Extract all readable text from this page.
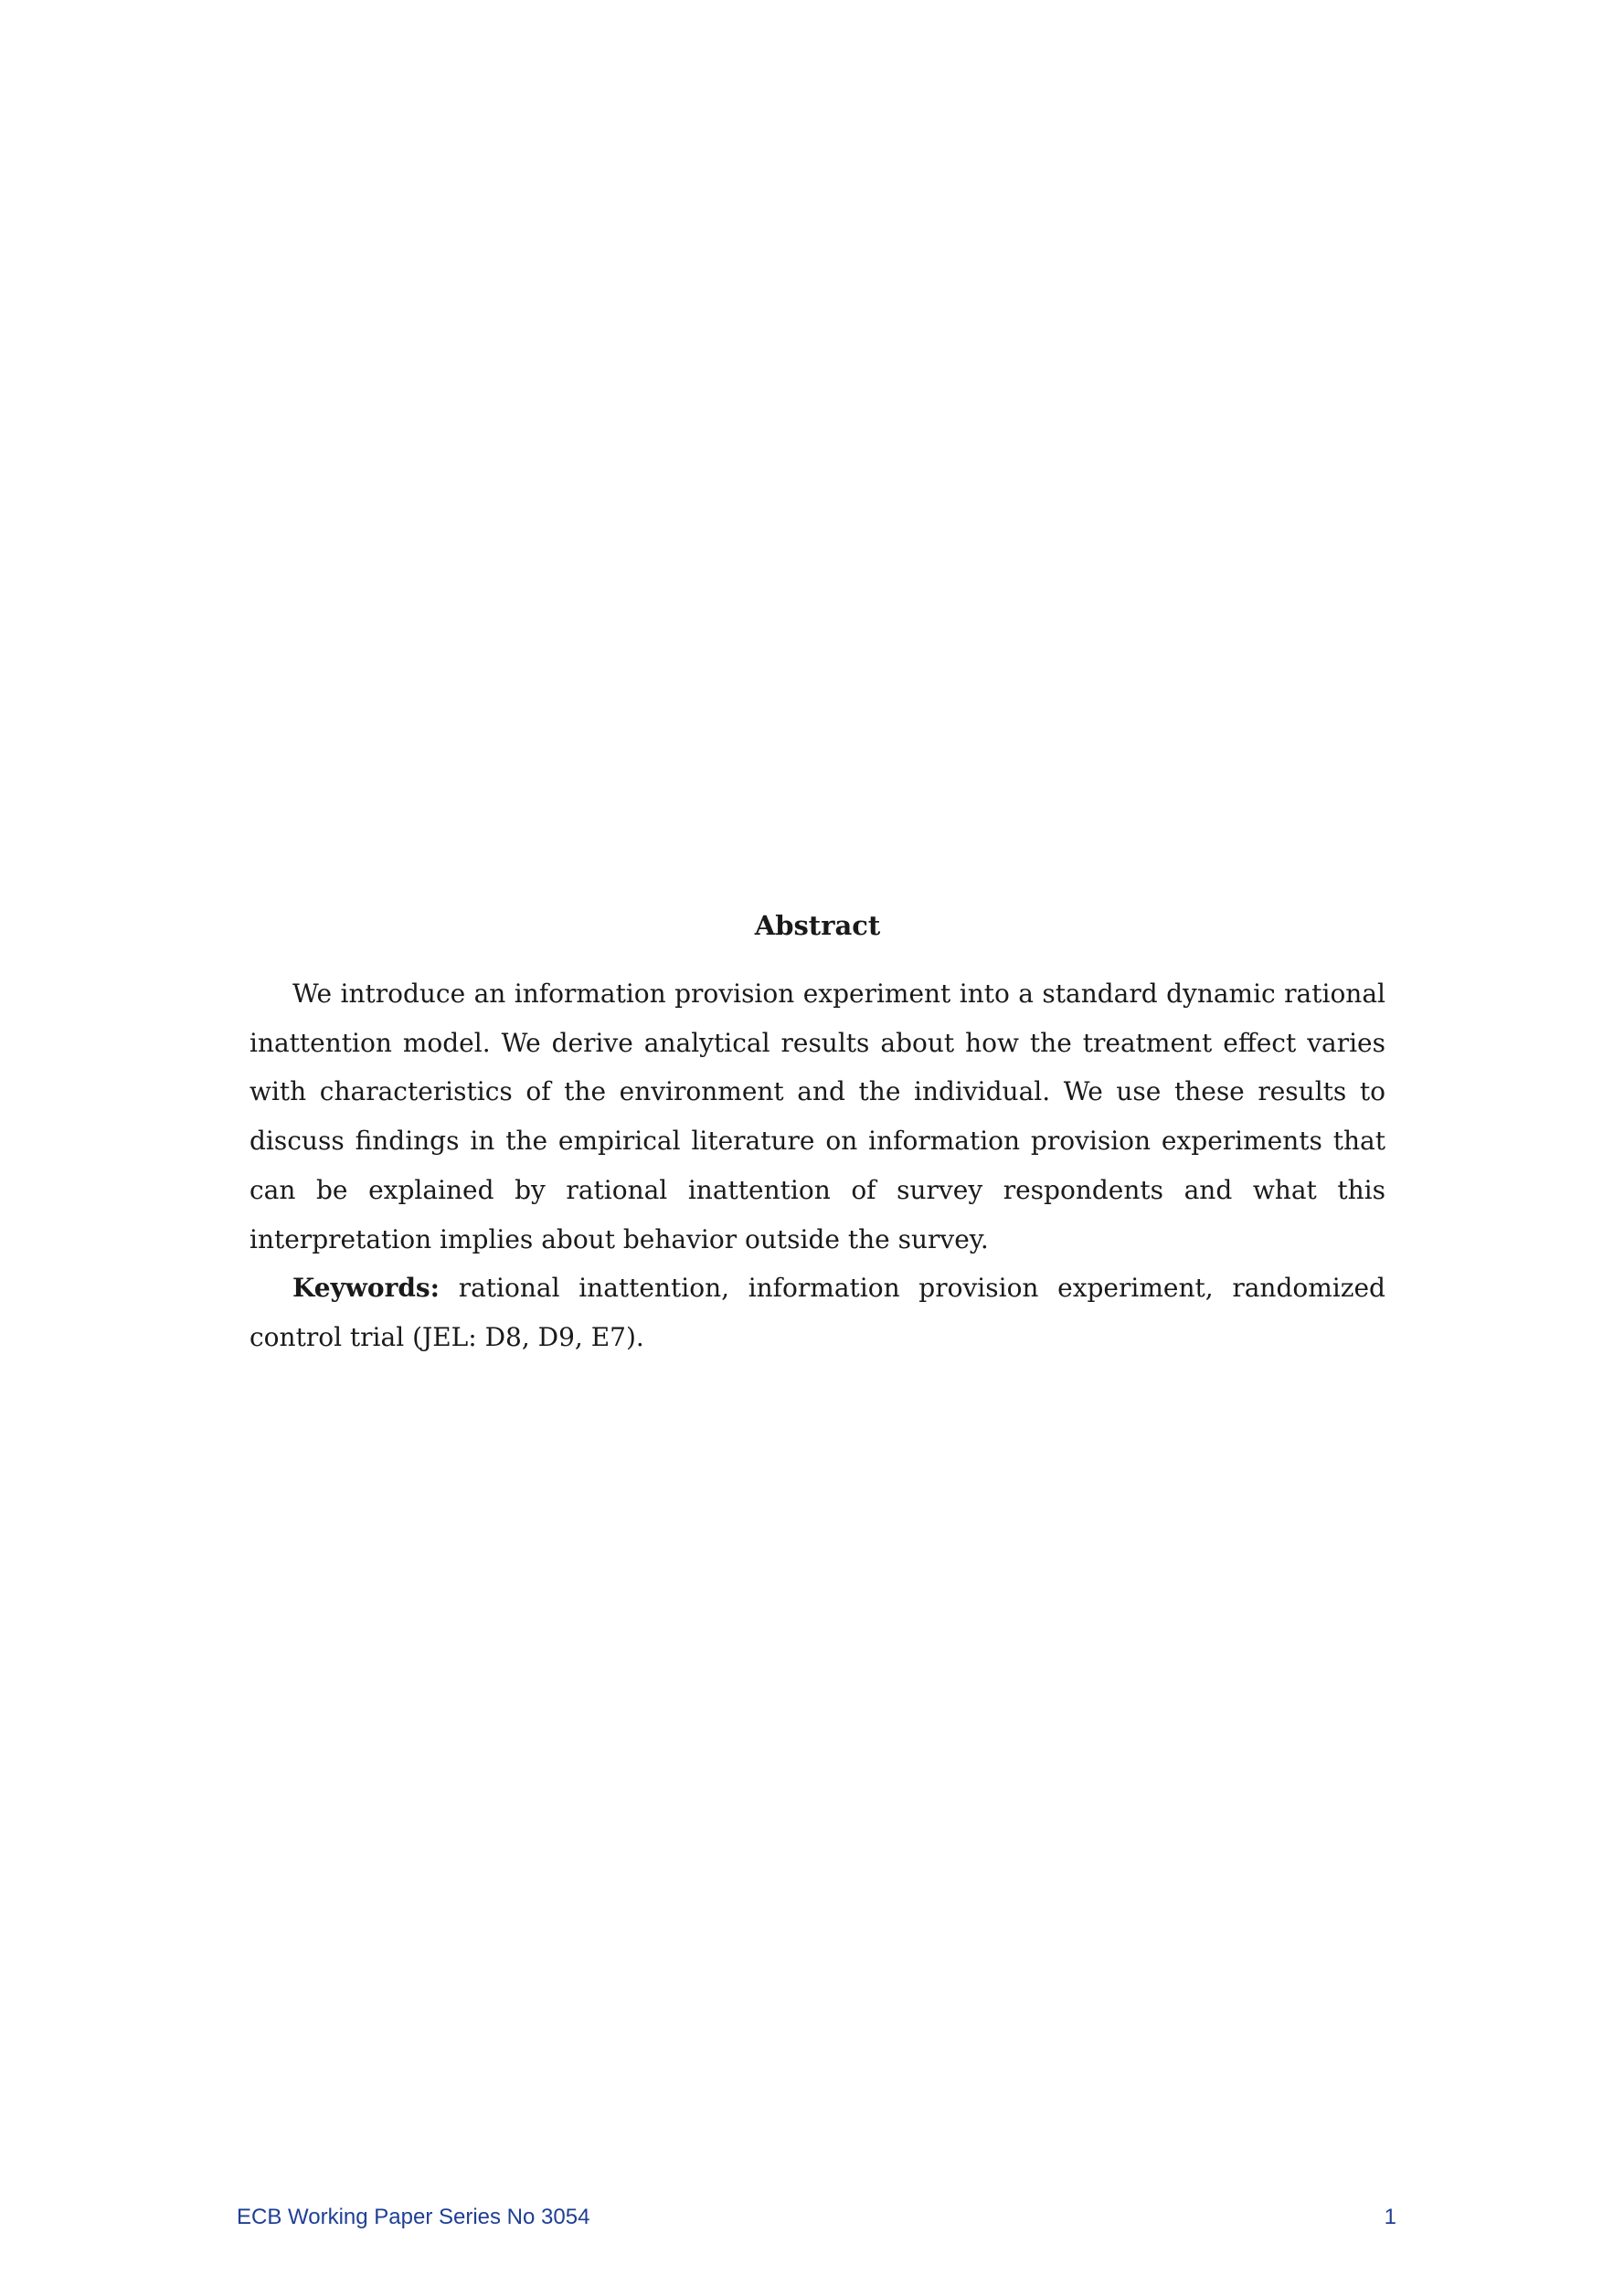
Abstract

We introduce an information provision experiment into a standard dynamic rational inattention model. We derive analytical results about how the treatment effect varies with characteristics of the environment and the individual. We use these results to discuss findings in the empirical literature on information provision experiments that can be explained by rational inattention of survey respondents and what this interpretation implies about behavior outside the survey.

Keywords: rational inattention, information provision experiment, randomized control trial (JEL: D8, D9, E7).

ECB Working Paper Series No 3054	1
